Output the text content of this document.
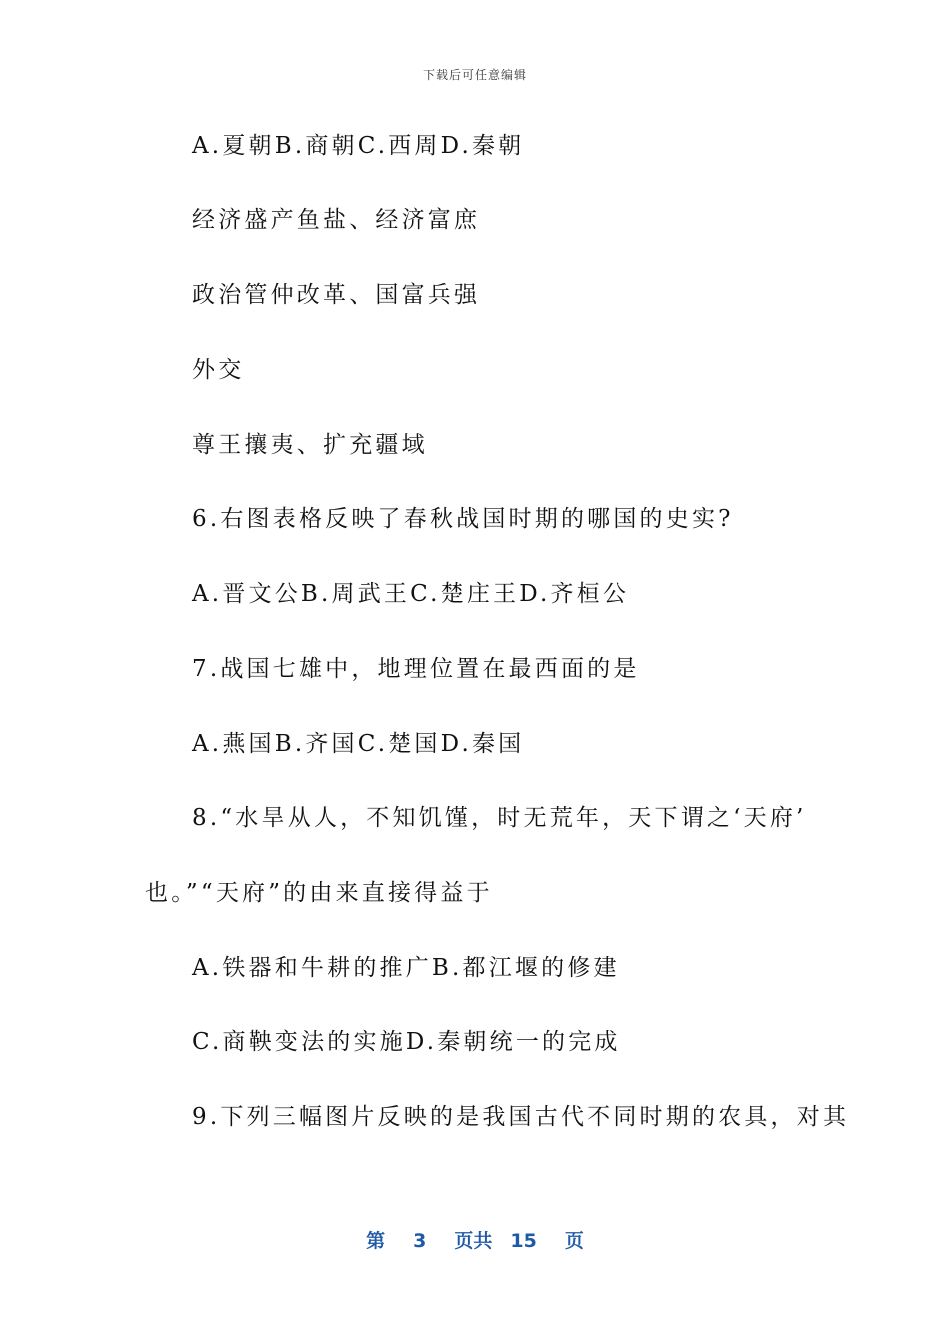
下载后可任意编辑
A.夏朝B.商朝C.西周D.秦朝
经济盛产鱼盐、经济富庶
政治管仲改革、国富兵强
外交
尊王攘夷、扩充疆域
6.右图表格反映了春秋战国时期的哪国的史实?
A.晋文公B.周武王C.楚庄王D.齐桓公
7.战国七雄中，地理位置在最西面的是
A.燕国B.齐国C.楚国D.秦国
8.“水旱从人，不知饥馑，时无荒年，天下谓之‘天府’
也。”“天府”的由来直接得益于
A.铁器和牛耕的推广B.都江堰的修建
C.商鞅变法的实施D.秦朝统一的完成
9.下列三幅图片反映的是我国古代不同时期的农具，对其
第 3 页共 15 页
